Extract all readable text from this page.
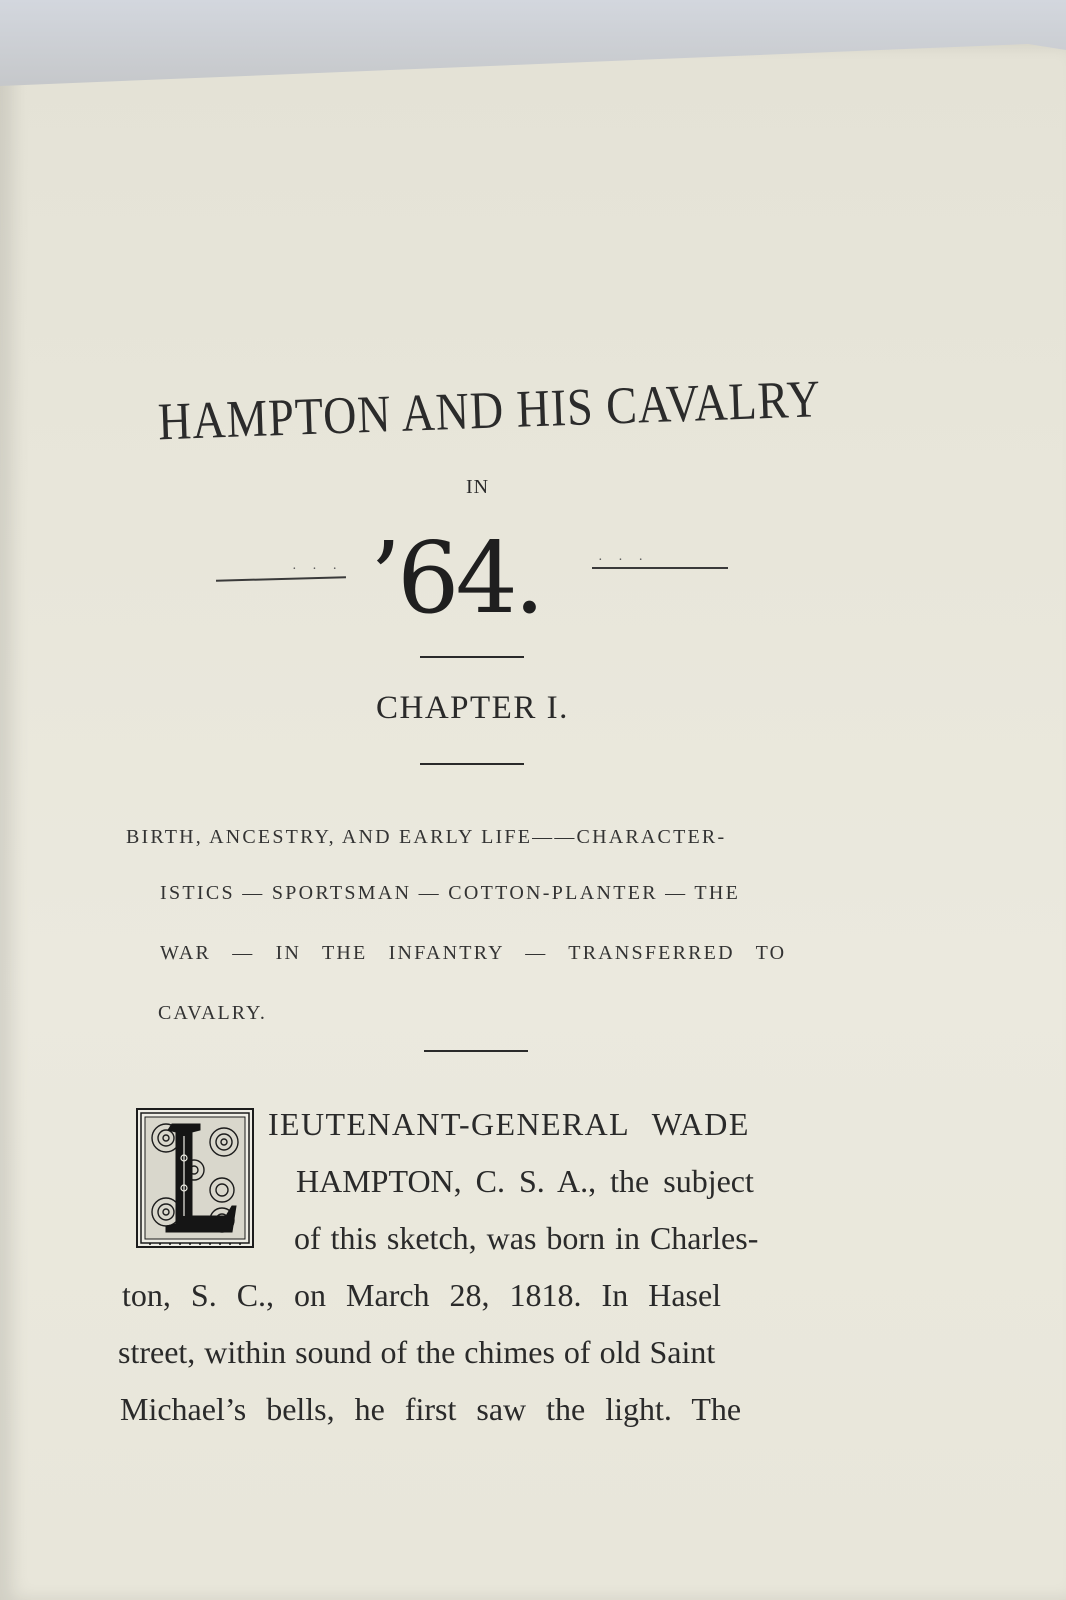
HAMPTON AND HIS CAVALRY
IN
· · ·
· · ·
’64.
CHAPTER I.
BIRTH, ANCESTRY, AND EARLY LIFE——CHARACTER-
ISTICS — SPORTSMAN — COTTON-PLANTER — THE
WAR — IN THE INFANTRY — TRANSFERRED TO
CAVALRY.
IEUTENANT-GENERAL WADE
HAMPTON, C. S. A., the subject
of this sketch, was born in Charles-
ton, S. C., on March 28, 1818. In Hasel
street, within sound of the chimes of old Saint
Michael’s bells, he first saw the light. The
